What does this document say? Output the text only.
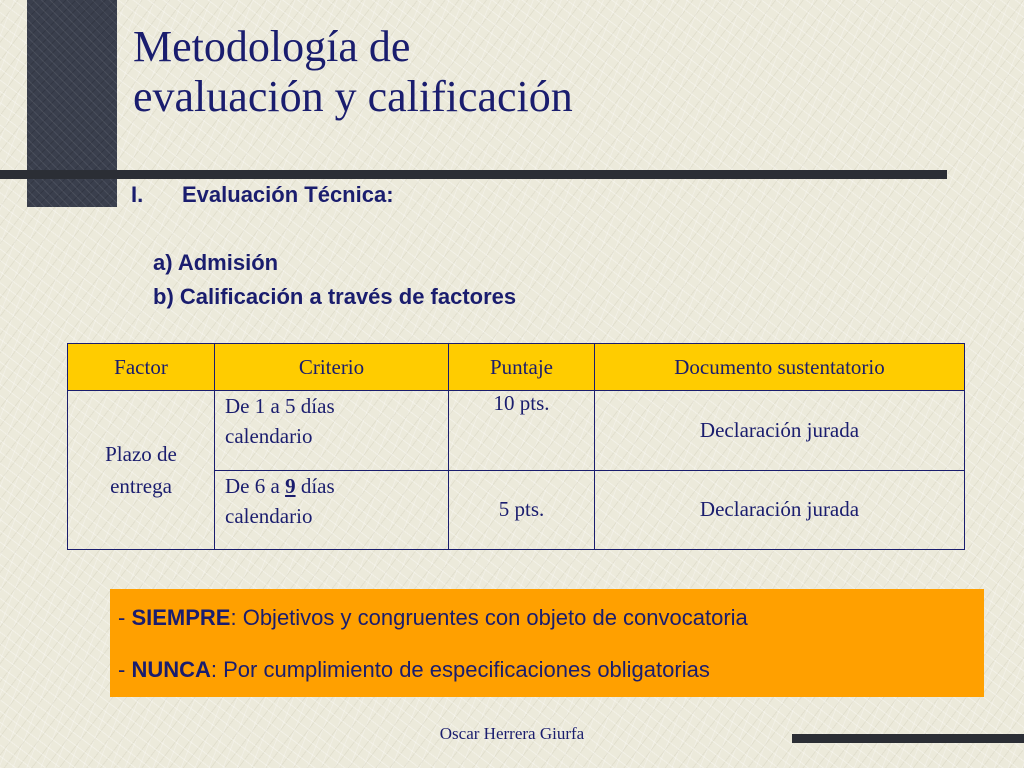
Metodología de
evaluación y calificación
I. Evaluación Técnica:
a) Admisión
b) Calificación a través de factores
Factor	Criterio	Puntaje	Documento sustentatorio
Plazo de entrega	De 1 a 5 días
calendario	10 pts.	Declaración jurada
	De 6 a 9 días
calendario	5 pts.	Declaración jurada
- SIEMPRE: Objetivos y congruentes con objeto de convocatoria
- NUNCA: Por cumplimiento de especificaciones obligatorias
Oscar Herrera Giurfa
